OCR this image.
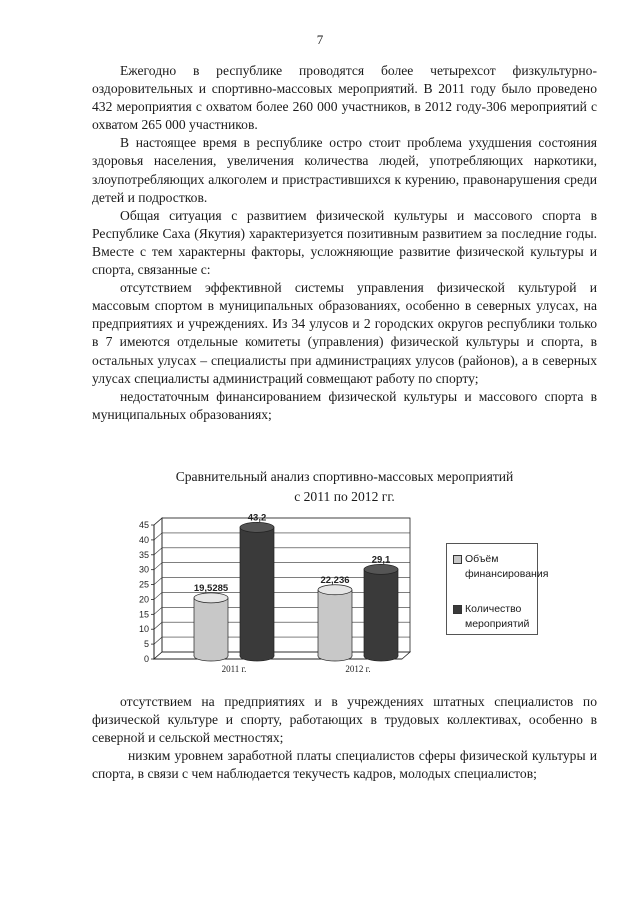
7

Ежегодно в республике проводятся более четырехсот физкультурно-оздоровительных и спортивно-массовых мероприятий. В 2011 году было проведено 432 мероприятия с охватом более 260 000 участников, в 2012 году-306 мероприятий с охватом 265 000 участников.

В настоящее время в республике остро стоит проблема ухудшения состояния здоровья населения, увеличения количества людей, употребляющих наркотики, злоупотребляющих алкоголем и пристрастившихся к курению, правонарушения среди детей и подростков.

Общая ситуация с развитием физической культуры и массового спорта в Республике Саха (Якутия) характеризуется позитивным развитием за последние годы. Вместе с тем характерны факторы, усложняющие развитие физической культуры и спорта, связанные с:

отсутствием эффективной системы управления физической культурой и массовым спортом в муниципальных образованиях, особенно в северных улусах, на предприятиях и учреждениях. Из 34 улусов и 2 городских округов республики только в 7 имеются отдельные комитеты (управления) физической культуры и спорта, в остальных улусах – специалисты при администрациях улусов (районов), а в северных улусах специалисты администраций совмещают работу по спорту;

недостаточным финансированием физической культуры и массового спорта в муниципальных образованиях;

Сравнительный анализ спортивно-массовых мероприятий
с 2011 по 2012 гг.
0
5
10
15
20
25
30
35
40
45
19,5285
43,2
2011 г.
22,236
29,1
2012 г.
Объём финансирования
Количество мероприятий

отсутствием на предприятиях и в учреждениях штатных специалистов по физической культуре и спорту, работающих в трудовых коллективах, особенно в северной и сельской местностях;

низким уровнем заработной платы специалистов сферы физической культуры и спорта, в связи с чем наблюдается текучесть кадров, молодых специалистов;
